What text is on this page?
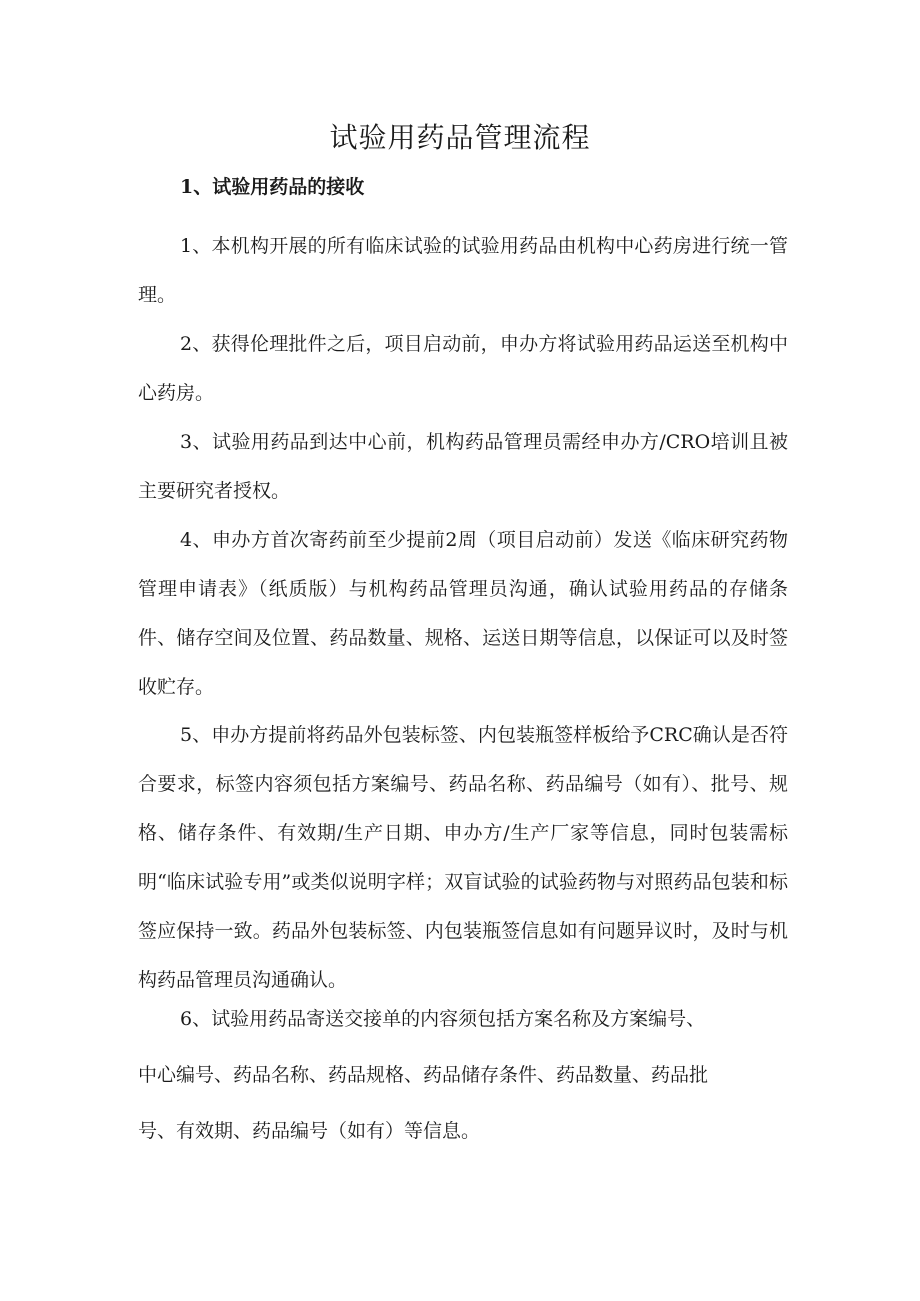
试验用药品管理流程
1、试验用药品的接收

1、本机构开展的所有临床试验的试验用药品由机构中心药房进行统一管理。

2、获得伦理批件之后，项目启动前，申办方将试验用药品运送至机构中心药房。

3、试验用药品到达中心前，机构药品管理员需经申办方/CRO培训且被主要研究者授权。

4、申办方首次寄药前至少提前2周（项目启动前）发送《临床研究药物管理申请表》（纸质版）与机构药品管理员沟通，确认试验用药品的存储条件、储存空间及位置、药品数量、规格、运送日期等信息，以保证可以及时签收贮存。

5、申办方提前将药品外包装标签、内包装瓶签样板给予CRC确认是否符合要求，标签内容须包括方案编号、药品名称、药品编号（如有）、批号、规格、储存条件、有效期/生产日期、申办方/生产厂家等信息，同时包装需标明“临床试验专用”或类似说明字样；双盲试验的试验药物与对照药品包装和标签应保持一致。药品外包装标签、内包装瓶签信息如有问题异议时，及时与机构药品管理员沟通确认。

6、试验用药品寄送交接单的内容须包括方案名称及方案编号、

中心编号、药品名称、药品规格、药品储存条件、药品数量、药品批

号、有效期、药品编号（如有）等信息。
